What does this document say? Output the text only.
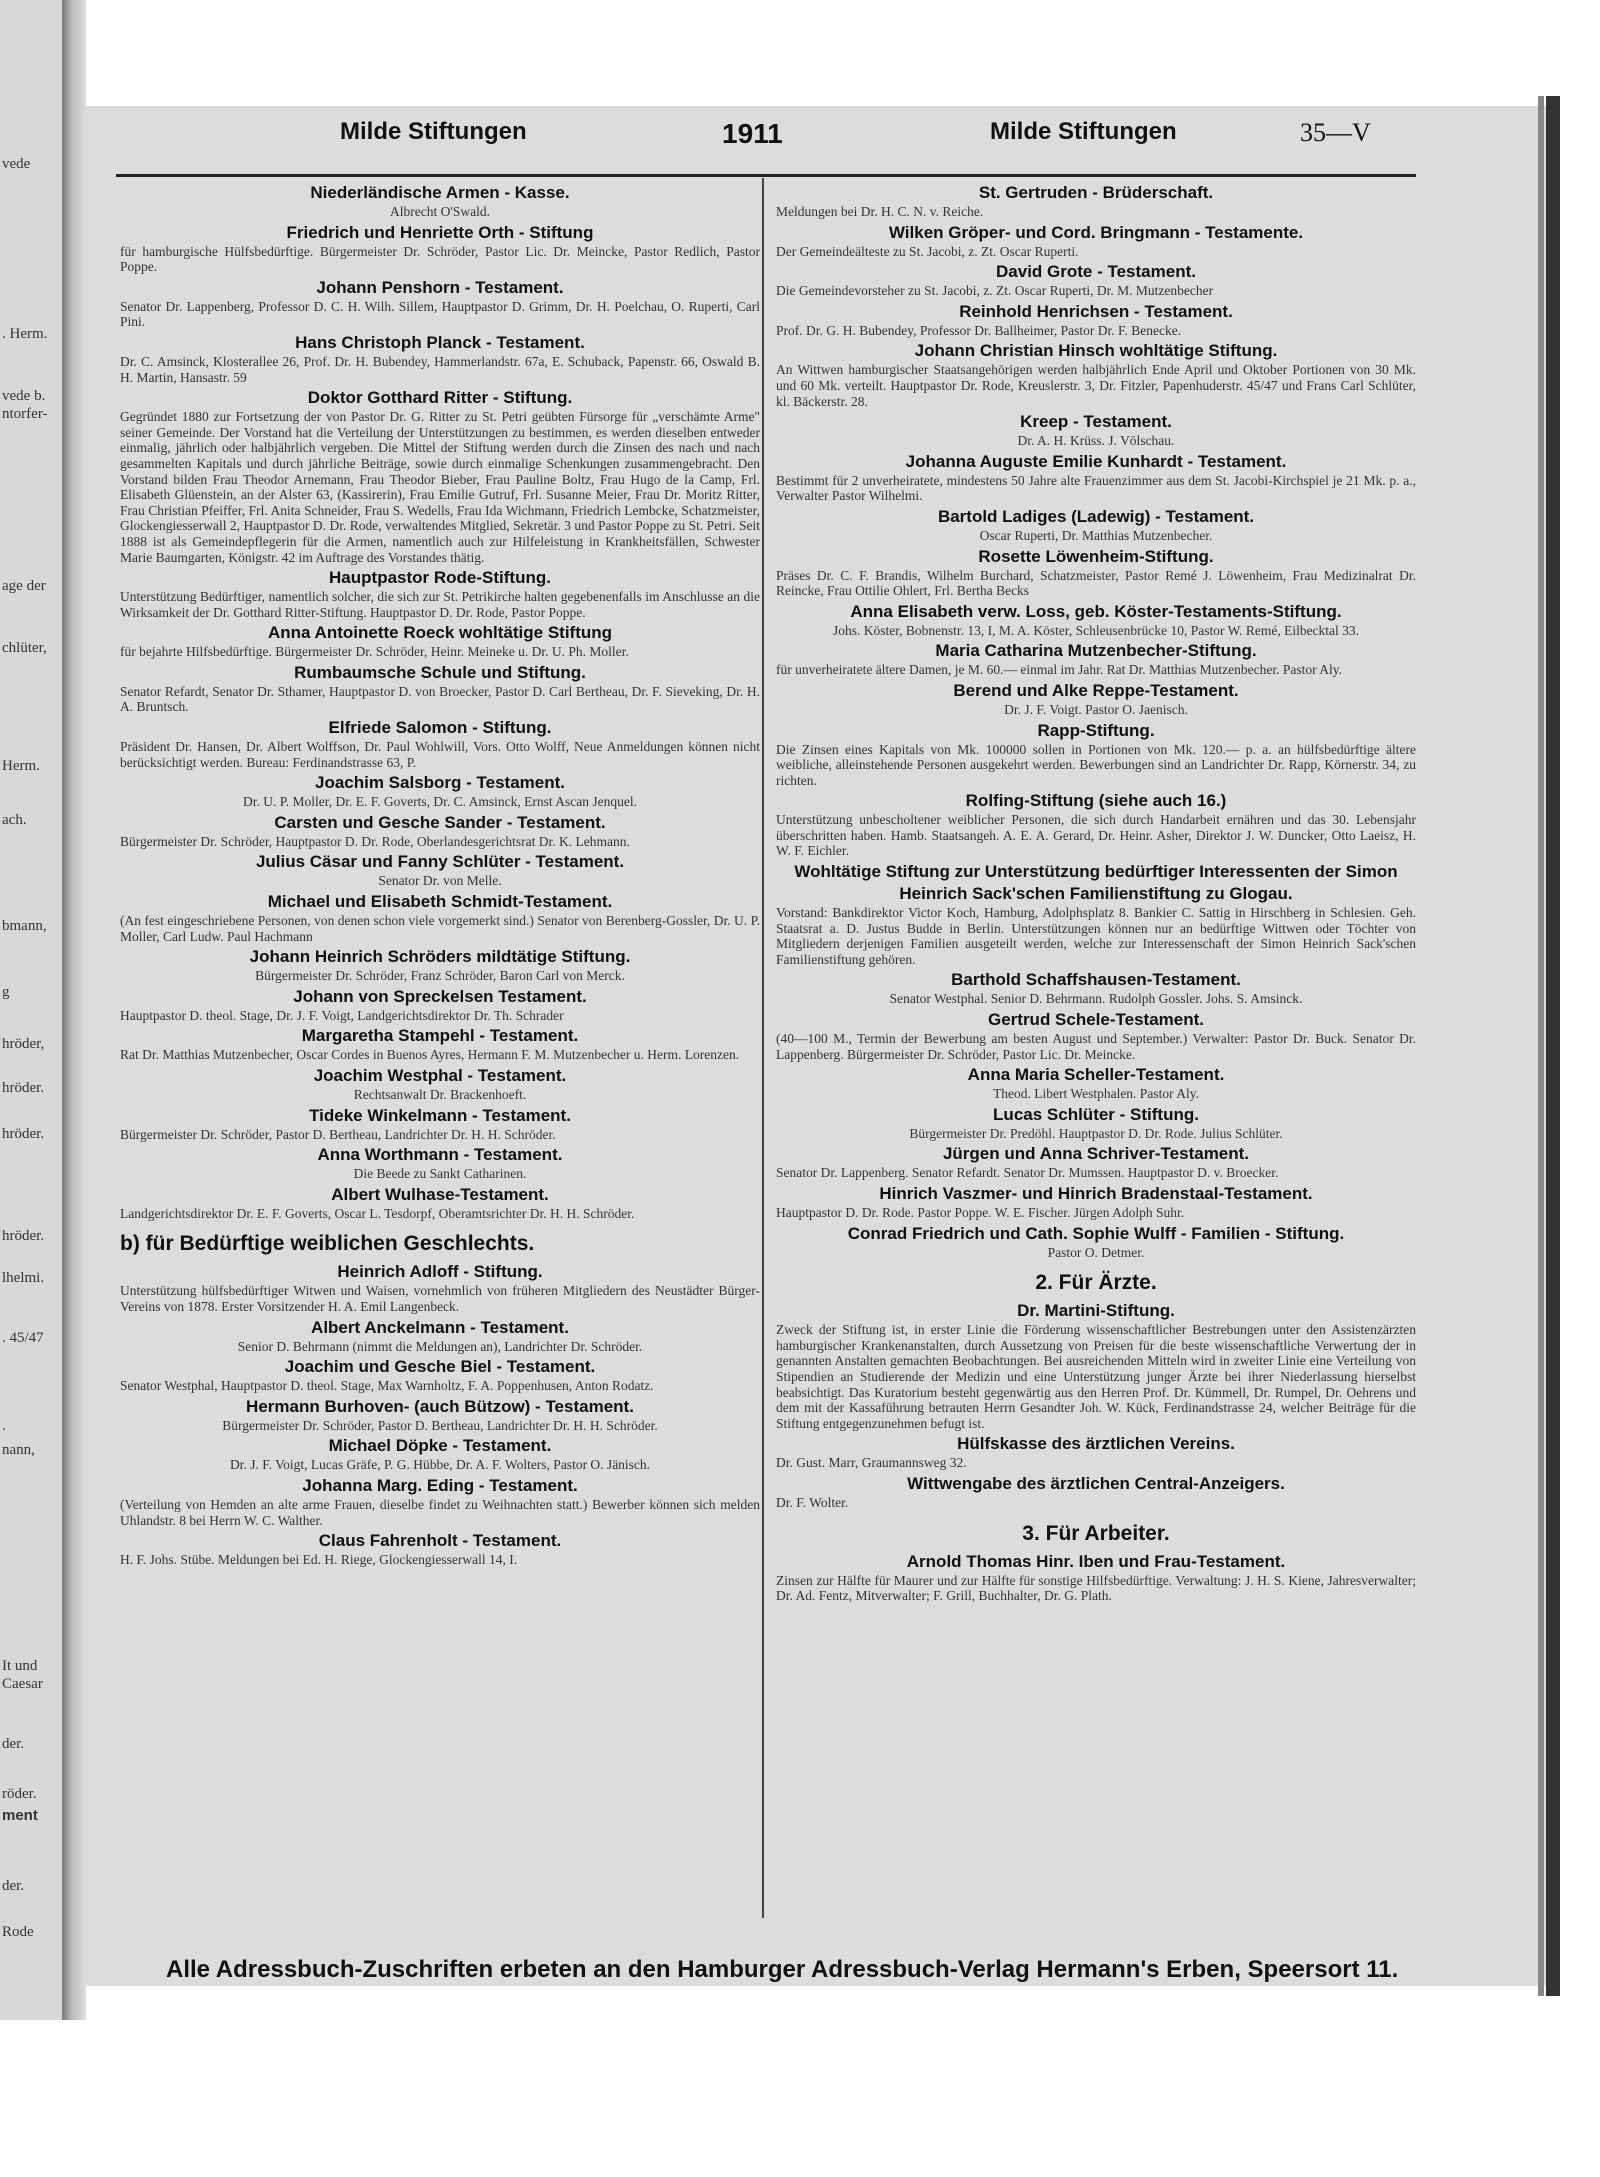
vede
. Herm.
vede b.
ntorfer-
age der
chlüter,
Herm.
ach.
bmann,
g
hröder,
hröder.
hröder.
hröder.
lhelmi.
. 45/47
.
nann,
It und
Caesar
der.
röder.
ment
der.
Rode
Milde Stiftungen	1911	Milde Stiftungen	35—V
Niederländische Armen - Kasse.
Albrecht O'Swald.
Friedrich und Henriette Orth - Stiftung
für hamburgische Hülfsbedürftige. Bürgermeister Dr. Schröder, Pastor Lic. Dr. Meincke, Pastor Redlich, Pastor Poppe.
Johann Penshorn - Testament.
Senator Dr. Lappenberg, Professor D. C. H. Wilh. Sillem, Hauptpastor D. Grimm, Dr. H. Poelchau, O. Ruperti, Carl Pini.
Hans Christoph Planck - Testament.
Dr. C. Amsinck, Klosterallee 26, Prof. Dr. H. Bubendey, Hammerlandstr. 67a, E. Schuback, Papenstr. 66, Oswald B. H. Martin, Hansastr. 59
Doktor Gotthard Ritter - Stiftung.
Gegründet 1880 zur Fortsetzung der von Pastor Dr. G. Ritter zu St. Petri geübten Fürsorge für „verschämte Arme" seiner Gemeinde. Der Vorstand hat die Verteilung der Unterstützungen zu bestimmen, es werden dieselben entweder einmalig, jährlich oder halbjährlich vergeben. Die Mittel der Stiftung werden durch die Zinsen des nach und nach gesammelten Kapitals und durch jährliche Beiträge, sowie durch einmalige Schenkungen zusammengebracht. Den Vorstand bilden Frau Theodor Arnemann, Frau Theodor Bieber, Frau Pauline Boltz, Frau Hugo de la Camp, Frl. Elisabeth Glüenstein, an der Alster 63, (Kassirerin), Frau Emilie Gutruf, Frl. Susanne Meier, Frau Dr. Moritz Ritter, Frau Christian Pfeiffer, Frl. Anita Schneider, Frau S. Wedells, Frau Ida Wichmann, Friedrich Lembcke, Schatzmeister, Glockengiesserwall 2, Hauptpastor D. Dr. Rode, verwaltendes Mitglied, Sekretär. 3 und Pastor Poppe zu St. Petri. Seit 1888 ist als Gemeindepflegerin für die Armen, namentlich auch zur Hilfeleistung in Krankheitsfällen, Schwester Marie Baumgarten, Königstr. 42 im Auftrage des Vorstandes thätig.
Hauptpastor Rode-Stiftung.
Unterstützung Bedürftiger, namentlich solcher, die sich zur St. Petrikirche halten gegebenenfalls im Anschlusse an die Wirksamkeit der Dr. Gotthard Ritter-Stiftung. Hauptpastor D. Dr. Rode, Pastor Poppe.
Anna Antoinette Roeck wohltätige Stiftung
für bejahrte Hilfsbedürftige. Bürgermeister Dr. Schröder, Heinr. Meineke u. Dr. U. Ph. Moller.
Rumbaumsche Schule und Stiftung.
Senator Refardt, Senator Dr. Sthamer, Hauptpastor D. von Broecker, Pastor D. Carl Bertheau, Dr. F. Sieveking, Dr. H. A. Bruntsch.
Elfriede Salomon - Stiftung.
Präsident Dr. Hansen, Dr. Albert Wolffson, Dr. Paul Wohlwill, Vors. Otto Wolff, Neue Anmeldungen können nicht berücksichtigt werden. Bureau: Ferdinandstrasse 63, P.
Joachim Salsborg - Testament.
Dr. U. P. Moller, Dr. E. F. Goverts, Dr. C. Amsinck, Ernst Ascan Jenquel.
Carsten und Gesche Sander - Testament.
Bürgermeister Dr. Schröder, Hauptpastor D. Dr. Rode, Oberlandesgerichtsrat Dr. K. Lehmann.
Julius Cäsar und Fanny Schlüter - Testament.
Senator Dr. von Melle.
Michael und Elisabeth Schmidt-Testament.
(An fest eingeschriebene Personen, von denen schon viele vorgemerkt sind.) Senator von Berenberg-Gossler, Dr. U. P. Moller, Carl Ludw. Paul Hachmann
Johann Heinrich Schröders mildtätige Stiftung.
Bürgermeister Dr. Schröder, Franz Schröder, Baron Carl von Merck.
Johann von Spreckelsen Testament.
Hauptpastor D. theol. Stage, Dr. J. F. Voigt, Landgerichtsdirektor Dr. Th. Schrader
Margaretha Stampehl - Testament.
Rat Dr. Matthias Mutzenbecher, Oscar Cordes in Buenos Ayres, Hermann F. M. Mutzenbecher u. Herm. Lorenzen.
Joachim Westphal - Testament.
Rechtsanwalt Dr. Brackenhoeft.
Tideke Winkelmann - Testament.
Bürgermeister Dr. Schröder, Pastor D. Bertheau, Landrichter Dr. H. H. Schröder.
Anna Worthmann - Testament.
Die Beede zu Sankt Catharinen.
Albert Wulhase-Testament.
Landgerichtsdirektor Dr. E. F. Goverts, Oscar L. Tesdorpf, Oberamtsrichter Dr. H. H. Schröder.
b) für Bedürftige weiblichen Geschlechts.
Heinrich Adloff - Stiftung.
Unterstützung hülfsbedürftiger Witwen und Waisen, vornehmlich von früheren Mitgliedern des Neustädter Bürger-Vereins von 1878. Erster Vorsitzender H. A. Emil Langenbeck.
Albert Anckelmann - Testament.
Senior D. Behrmann (nimmt die Meldungen an), Landrichter Dr. Schröder.
Joachim und Gesche Biel - Testament.
Senator Westphal, Hauptpastor D. theol. Stage, Max Warnholtz, F. A. Poppenhusen, Anton Rodatz.
Hermann Burhoven- (auch Bützow) - Testament.
Bürgermeister Dr. Schröder, Pastor D. Bertheau, Landrichter Dr. H. H. Schröder.
Michael Döpke - Testament.
Dr. J. F. Voigt, Lucas Gräfe, P. G. Hübbe, Dr. A. F. Wolters, Pastor O. Jänisch.
Johanna Marg. Eding - Testament.
(Verteilung von Hemden an alte arme Frauen, dieselbe findet zu Weihnachten statt.) Bewerber können sich melden Uhlandstr. 8 bei Herrn W. C. Walther.
Claus Fahrenholt - Testament.
H. F. Johs. Stübe. Meldungen bei Ed. H. Riege, Glockengiesserwall 14, I.
St. Gertruden - Brüderschaft.
Meldungen bei Dr. H. C. N. v. Reiche.
Wilken Gröper- und Cord. Bringmann - Testamente.
Der Gemeindeälteste zu St. Jacobi, z. Zt. Oscar Ruperti.
David Grote - Testament.
Die Gemeindevorsteher zu St. Jacobi, z. Zt. Oscar Ruperti, Dr. M. Mutzenbecher
Reinhold Henrichsen - Testament.
Prof. Dr. G. H. Bubendey, Professor Dr. Ballheimer, Pastor Dr. F. Benecke.
Johann Christian Hinsch wohltätige Stiftung.
An Wittwen hamburgischer Staatsangehörigen werden halbjährlich Ende April und Oktober Portionen von 30 Mk. und 60 Mk. verteilt. Hauptpastor Dr. Rode, Kreuslerstr. 3, Dr. Fitzler, Papenhuderstr. 45/47 und Frans Carl Schlüter, kl. Bäckerstr. 28.
Kreep - Testament.
Dr. A. H. Krüss. J. Völschau.
Johanna Auguste Emilie Kunhardt - Testament.
Bestimmt für 2 unverheiratete, mindestens 50 Jahre alte Frauenzimmer aus dem St. Jacobi-Kirchspiel je 21 Mk. p. a., Verwalter Pastor Wilhelmi.
Bartold Ladiges (Ladewig) - Testament.
Oscar Ruperti, Dr. Matthias Mutzenbecher.
Rosette Löwenheim-Stiftung.
Präses Dr. C. F. Brandis, Wilhelm Burchard, Schatzmeister, Pastor Remé J. Löwenheim, Frau Medizinalrat Dr. Reincke, Frau Ottilie Ohlert, Frl. Bertha Becks
Anna Elisabeth verw. Loss, geb. Köster-Testaments-Stiftung.
Johs. Köster, Bobnenstr. 13, I, M. A. Köster, Schleusenbrücke 10, Pastor W. Remé, Eilbecktal 33.
Maria Catharina Mutzenbecher-Stiftung.
für unverheiratete ältere Damen, je M. 60.— einmal im Jahr. Rat Dr. Matthias Mutzenbecher. Pastor Aly.
Berend und Alke Reppe-Testament.
Dr. J. F. Voigt. Pastor O. Jaenisch.
Rapp-Stiftung.
Die Zinsen eines Kapitals von Mk. 100000 sollen in Portionen von Mk. 120.— p. a. an hülfsbedürftige ältere weibliche, alleinstehende Personen ausgekehrt werden. Bewerbungen sind an Landrichter Dr. Rapp, Körnerstr. 34, zu richten.
Rolfing-Stiftung (siehe auch 16.)
Unterstützung unbescholtener weiblicher Personen, die sich durch Handarbeit ernähren und das 30. Lebensjahr überschritten haben. Hamb. Staatsangeh. A. E. A. Gerard, Dr. Heinr. Asher, Direktor J. W. Duncker, Otto Laeisz, H. W. F. Eichler.
Wohltätige Stiftung zur Unterstützung bedürftiger Interessenten der Simon Heinrich Sack'schen Familienstiftung zu Glogau.
Vorstand: Bankdirektor Victor Koch, Hamburg, Adolphsplatz 8. Bankier C. Sattig in Hirschberg in Schlesien. Geh. Staatsrat a. D. Justus Budde in Berlin. Unterstützungen können nur an bedürftige Wittwen oder Töchter von Mitgliedern derjenigen Familien ausgeteilt werden, welche zur Interessenschaft der Simon Heinrich Sack'schen Familienstiftung gehören.
Barthold Schaffshausen-Testament.
Senator Westphal. Senior D. Behrmann. Rudolph Gossler. Johs. S. Amsinck.
Gertrud Schele-Testament.
(40—100 M., Termin der Bewerbung am besten August und September.) Verwalter: Pastor Dr. Buck. Senator Dr. Lappenberg. Bürgermeister Dr. Schröder, Pastor Lic. Dr. Meincke.
Anna Maria Scheller-Testament.
Theod. Libert Westphalen. Pastor Aly.
Lucas Schlüter - Stiftung.
Bürgermeister Dr. Predöhl. Hauptpastor D. Dr. Rode. Julius Schlüter.
Jürgen und Anna Schriver-Testament.
Senator Dr. Lappenberg. Senator Refardt. Senator Dr. Mumssen. Hauptpastor D. v. Broecker.
Hinrich Vaszmer- und Hinrich Bradenstaal-Testament.
Hauptpastor D. Dr. Rode. Pastor Poppe. W. E. Fischer. Jürgen Adolph Suhr.
Conrad Friedrich und Cath. Sophie Wulff - Familien - Stiftung.
Pastor O. Detmer.
2. Für Ärzte.
Dr. Martini-Stiftung.
Zweck der Stiftung ist, in erster Linie die Förderung wissenschaftlicher Bestrebungen unter den Assistenzärzten hamburgischer Krankenanstalten, durch Aussetzung von Preisen für die beste wissenschaftliche Verwertung der in genannten Anstalten gemachten Beobachtungen. Bei ausreichenden Mitteln wird in zweiter Linie eine Verteilung von Stipendien an Studierende der Medizin und eine Unterstützung junger Ärzte bei ihrer Niederlassung hierselbst beabsichtigt. Das Kuratorium besteht gegenwärtig aus den Herren Prof. Dr. Kümmell, Dr. Rumpel, Dr. Oehrens und dem mit der Kassaführung betrauten Herrn Gesandter Joh. W. Kück, Ferdinandstrasse 24, welcher Beiträge für die Stiftung entgegenzunehmen befugt ist.
Hülfskasse des ärztlichen Vereins.
Dr. Gust. Marr, Graumannsweg 32.
Wittwengabe des ärztlichen Central-Anzeigers.
Dr. F. Wolter.
3. Für Arbeiter.
Arnold Thomas Hinr. Iben und Frau-Testament.
Zinsen zur Hälfte für Maurer und zur Hälfte für sonstige Hilfsbedürftige. Verwaltung: J. H. S. Kiene, Jahresverwalter; Dr. Ad. Fentz, Mitverwalter; F. Grill, Buchhalter, Dr. G. Plath.
Alle Adressbuch-Zuschriften erbeten an den Hamburger Adressbuch-Verlag Hermann's Erben, Speersort 11.
